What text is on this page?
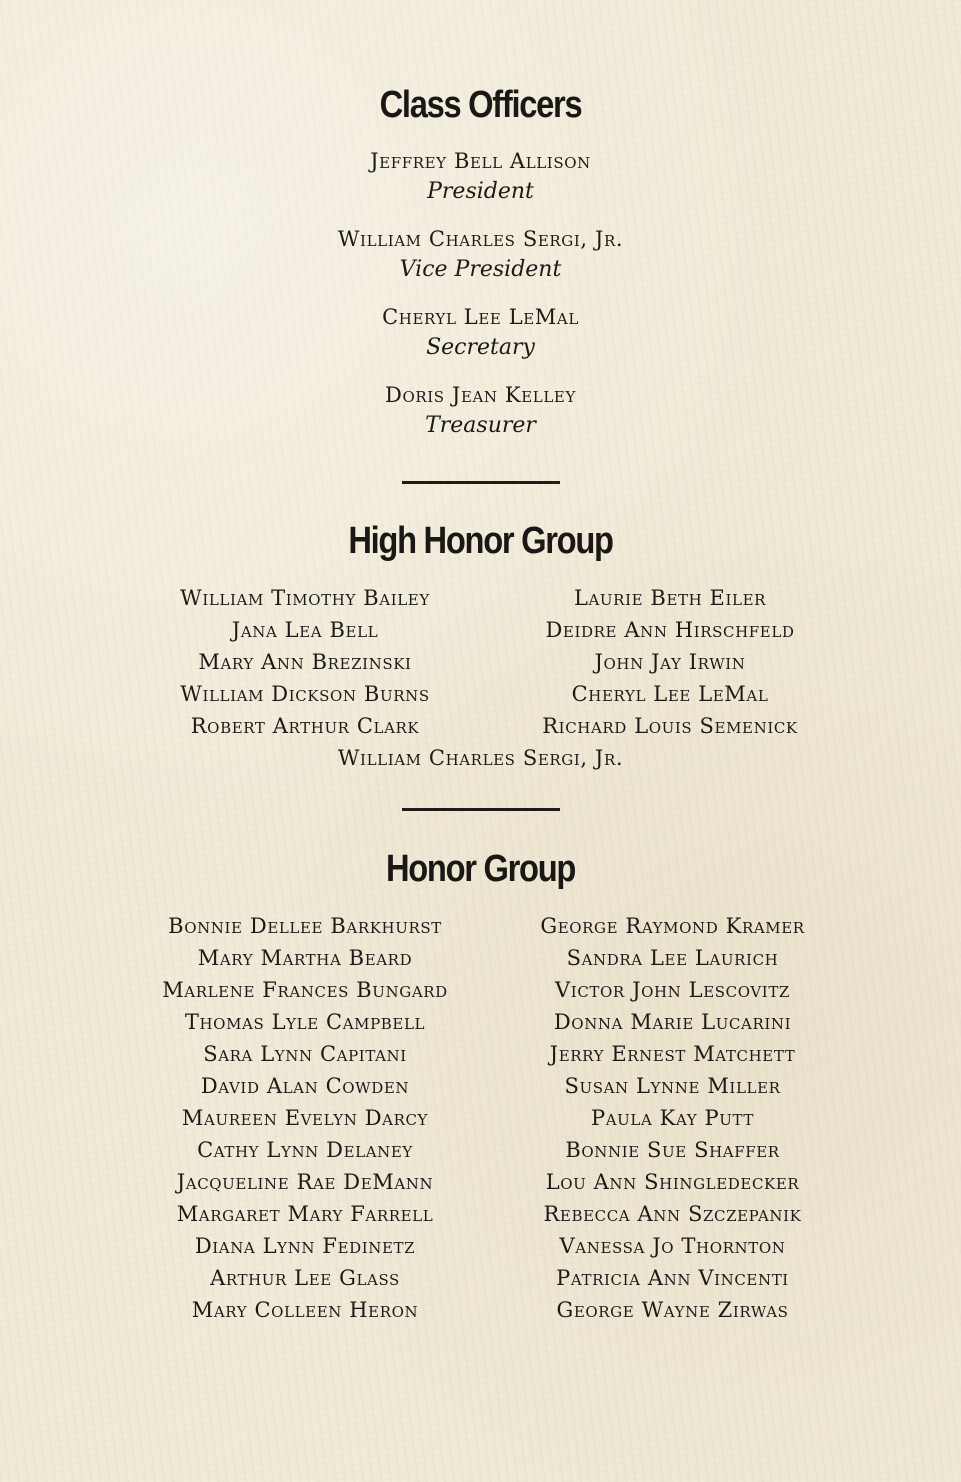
Class Officers
Jeffrey Bell Allison
President
William Charles Sergi, Jr.
Vice President
Cheryl Lee LeMal
Secretary
Doris Jean Kelley
Treasurer
High Honor Group
William Timothy Bailey
Jana Lea Bell
Mary Ann Brezinski
William Dickson Burns
Robert Arthur Clark
Laurie Beth Eiler
Deidre Ann Hirschfeld
John Jay Irwin
Cheryl Lee LeMal
Richard Louis Semenick
William Charles Sergi, Jr.
Honor Group
Bonnie Dellee Barkhurst
Mary Martha Beard
Marlene Frances Bungard
Thomas Lyle Campbell
Sara Lynn Capitani
David Alan Cowden
Maureen Evelyn Darcy
Cathy Lynn Delaney
Jacqueline Rae DeMann
Margaret Mary Farrell
Diana Lynn Fedinetz
Arthur Lee Glass
Mary Colleen Heron
George Raymond Kramer
Sandra Lee Laurich
Victor John Lescovitz
Donna Marie Lucarini
Jerry Ernest Matchett
Susan Lynne Miller
Paula Kay Putt
Bonnie Sue Shaffer
Lou Ann Shingledecker
Rebecca Ann Szczepanik
Vanessa Jo Thornton
Patricia Ann Vincenti
George Wayne Zirwas
